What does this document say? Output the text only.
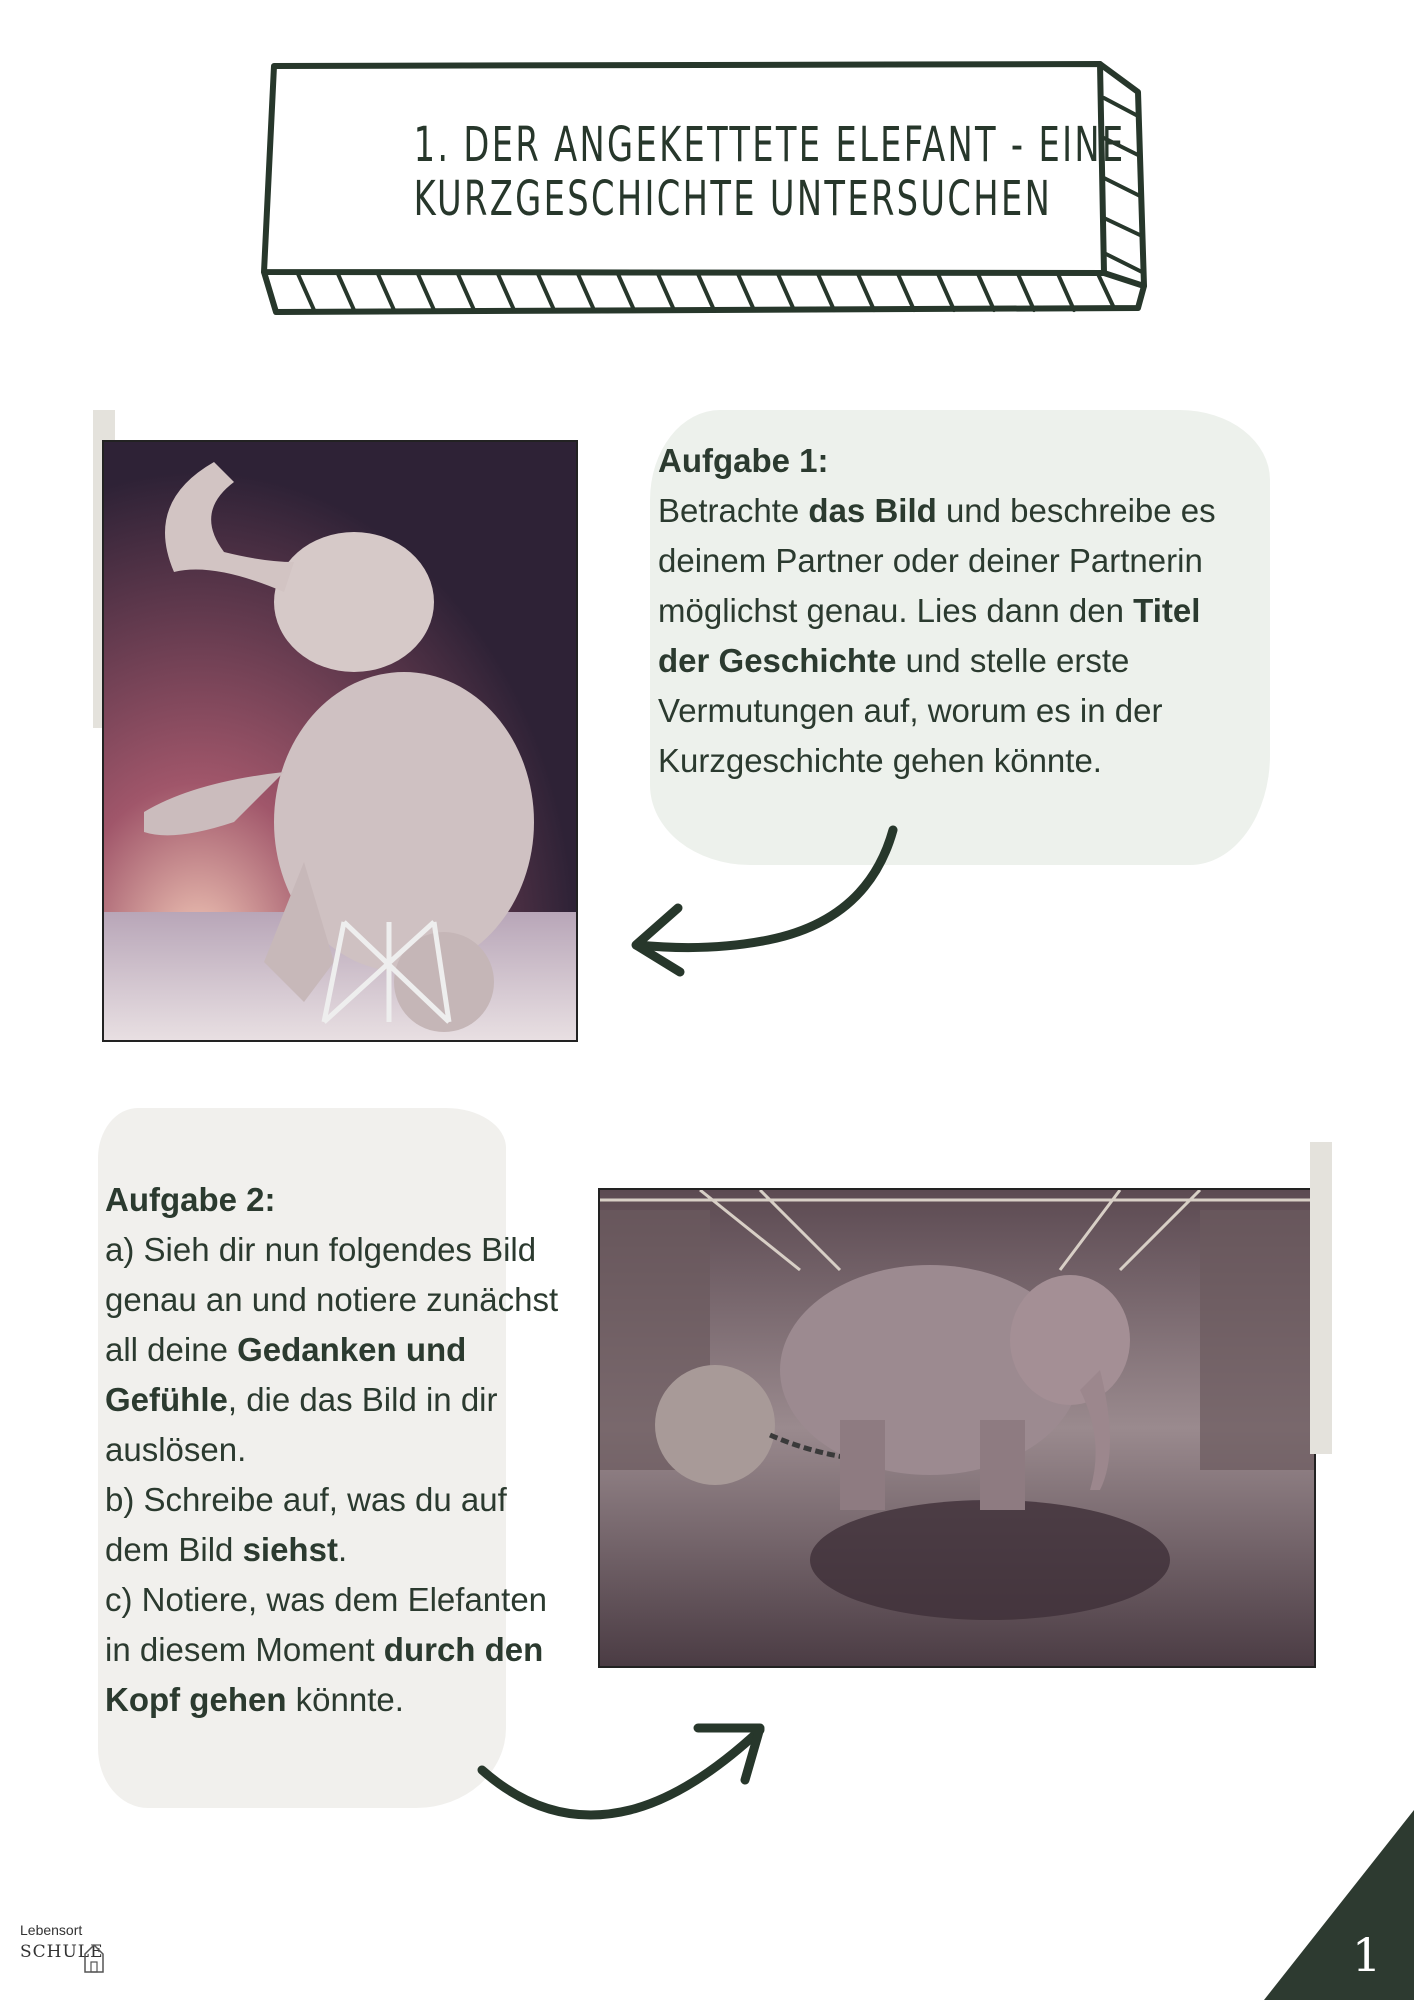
1. DER ANGEKETTETE ELEFANT - EINE
KURZGESCHICHTE UNTERSUCHEN
Aufgabe 1:
Betrachte das Bild und beschreibe es deinem Partner oder deiner Partnerin möglichst genau. Lies dann den Titel der Geschichte und stelle erste Vermutungen auf, worum es in der Kurzgeschichte gehen könnte.
Aufgabe 2:
a) Sieh dir nun folgendes Bild genau an und notiere zunächst all deine Gedanken und Gefühle, die das Bild in dir auslösen.
b) Schreibe auf, was du auf dem Bild siehst.
c) Notiere, was dem Elefanten in diesem Moment durch den Kopf gehen könnte.
Lebensort
SCHULE	1
